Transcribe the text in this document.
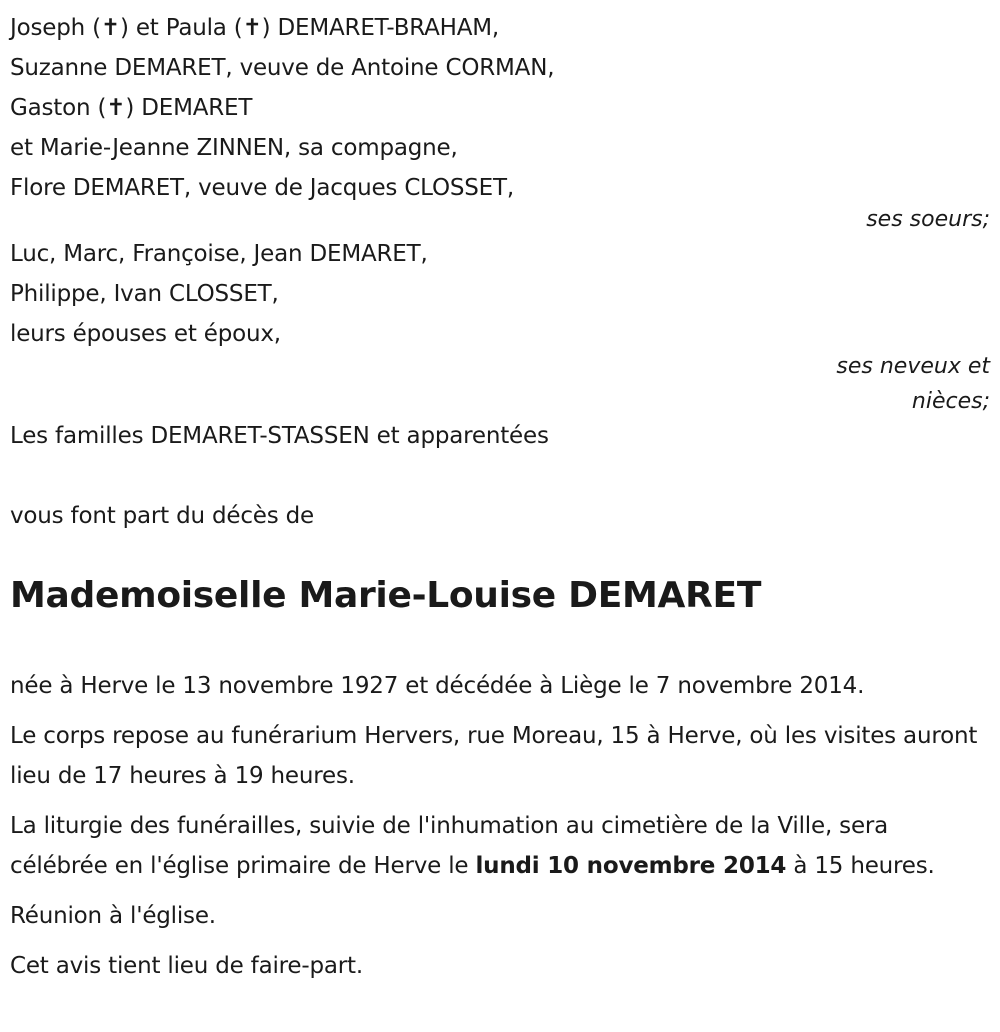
Joseph (✝) et Paula (✝) DEMARET-BRAHAM,
Suzanne DEMARET, veuve de Antoine CORMAN,
Gaston (✝) DEMARET
et Marie-Jeanne ZINNEN, sa compagne,
Flore DEMARET, veuve de Jacques CLOSSET,
ses soeurs;
Luc, Marc, Françoise, Jean DEMARET,
Philippe, Ivan CLOSSET,
leurs épouses et époux,
ses neveux et
nièces;
Les familles DEMARET-STASSEN et apparentées
vous font part du décès de
Mademoiselle Marie-Louise DEMARET
née à Herve le 13 novembre 1927 et décédée à Liège le 7 novembre 2014.
Le corps repose au funérarium Hervers, rue Moreau, 15 à Herve, où les visites auront lieu de 17 heures à 19 heures.
La liturgie des funérailles, suivie de l'inhumation au cimetière de la Ville, sera célébrée en l'église primaire de Herve le lundi 10 novembre 2014 à 15 heures.
Réunion à l'église.
Cet avis tient lieu de faire-part.
